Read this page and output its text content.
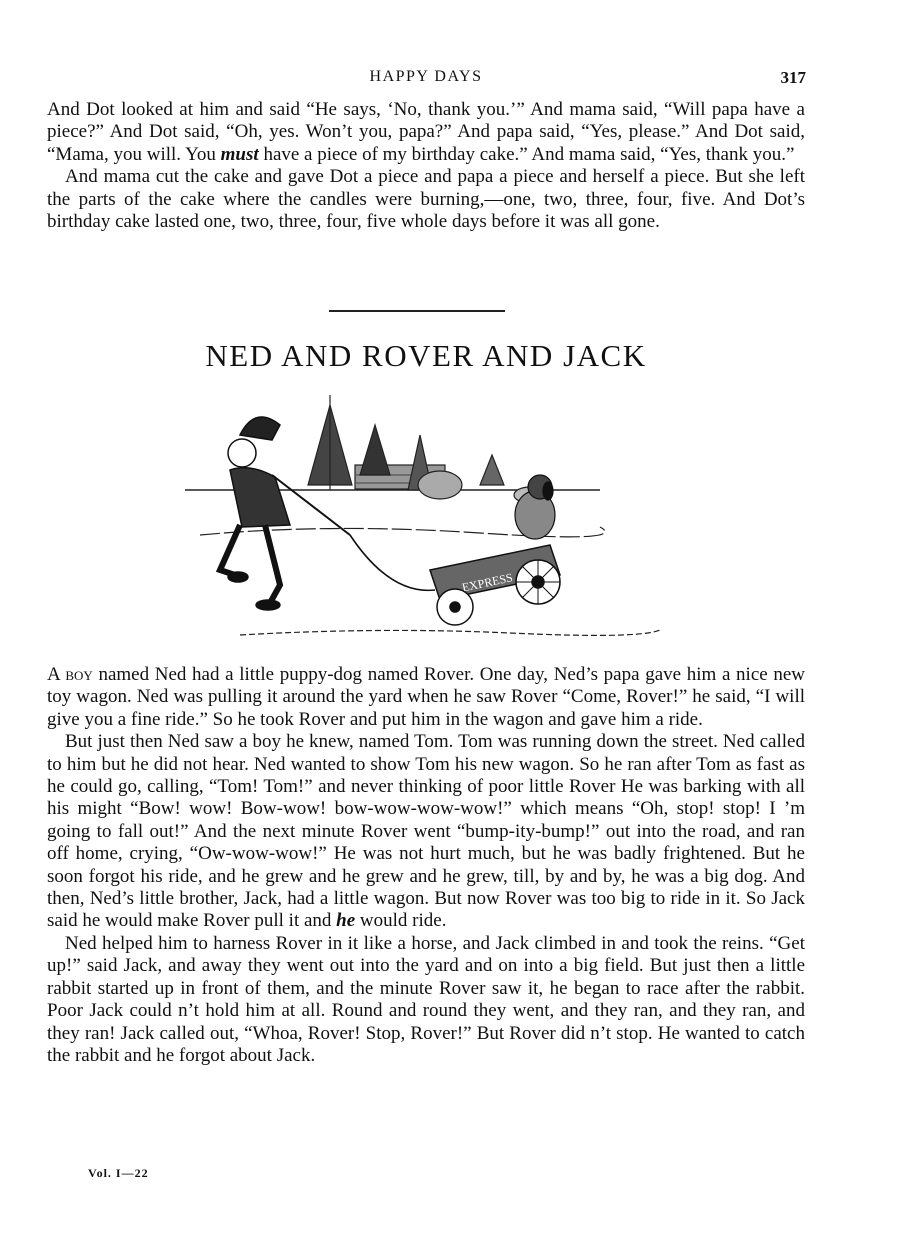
HAPPY DAYS	317

And Dot looked at him and said “He says, ‘No, thank you.’” And mama said, “Will papa have a piece?” And Dot said, “Oh, yes. Won’t you, papa?” And papa said, “Yes, please.” And Dot said, “Mama, you will. You must have a piece of my birthday cake.” And mama said, “Yes, thank you.”

And mama cut the cake and gave Dot a piece and papa a piece and herself a piece. But she left the parts of the cake where the candles were burning,—one, two, three, four, five. And Dot’s birthday cake lasted one, two, three, four, five whole days before it was all gone.

NED AND ROVER AND JACK
EXPRESS

A boy named Ned had a little puppy-dog named Rover. One day, Ned’s papa gave him a nice new toy wagon. Ned was pulling it around the yard when he saw Rover “Come, Rover!” he said, “I will give you a fine ride.” So he took Rover and put him in the wagon and gave him a ride.

But just then Ned saw a boy he knew, named Tom. Tom was running down the street. Ned called to him but he did not hear. Ned wanted to show Tom his new wagon. So he ran after Tom as fast as he could go, calling, “Tom! Tom!” and never thinking of poor little Rover He was barking with all his might “Bow! wow! Bow-wow! bow-wow-wow-wow!” which means “Oh, stop! stop! I ’m going to fall out!” And the next minute Rover went “bump-ity-bump!” out into the road, and ran off home, crying, “Ow-wow-wow!” He was not hurt much, but he was badly frightened. But he soon forgot his ride, and he grew and he grew and he grew, till, by and by, he was a big dog. And then, Ned’s little brother, Jack, had a little wagon. But now Rover was too big to ride in it. So Jack said he would make Rover pull it and he would ride.

Ned helped him to harness Rover in it like a horse, and Jack climbed in and took the reins. “Get up!” said Jack, and away they went out into the yard and on into a big field. But just then a little rabbit started up in front of them, and the minute Rover saw it, he began to race after the rabbit. Poor Jack could n’t hold him at all. Round and round they went, and they ran, and they ran, and they ran! Jack called out, “Whoa, Rover! Stop, Rover!” But Rover did n’t stop. He wanted to catch the rabbit and he forgot about Jack.

Vol. I—22
